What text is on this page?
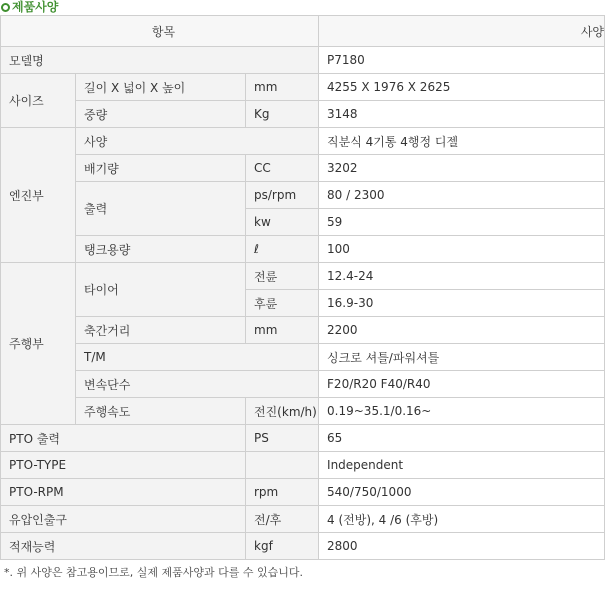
제품사양
항목			사양
모델명			P7180
사이즈	길이 X 넓이 X 높이	mm	4255 X 1976 X 2625
	중량	Kg	3148
엔진부	사양		직분식 4기통 4행정 디젤
	배기량	CC	3202
	출력	ps/rpm	80 / 2300
		kw	59
	탱크용량	ℓ	100
주행부	타이어	전륜	12.4-24
		후륜	16.9-30
	축간거리	mm	2200
	T/M		싱크로 셔틀/파워셔틀
	변속단수		F20/R20 F40/R40
	주행속도	전진(km/h)	0.19~35.1/0.16~
PTO 출력		PS	65
PTO-TYPE			Independent
PTO-RPM		rpm	540/750/1000
유압인출구		전/후	4 (전방), 4 /6 (후방)
적재능력		kgf	2800
*. 위 사양은 참고용이므로, 실제 제품사양과 다를 수 있습니다.
